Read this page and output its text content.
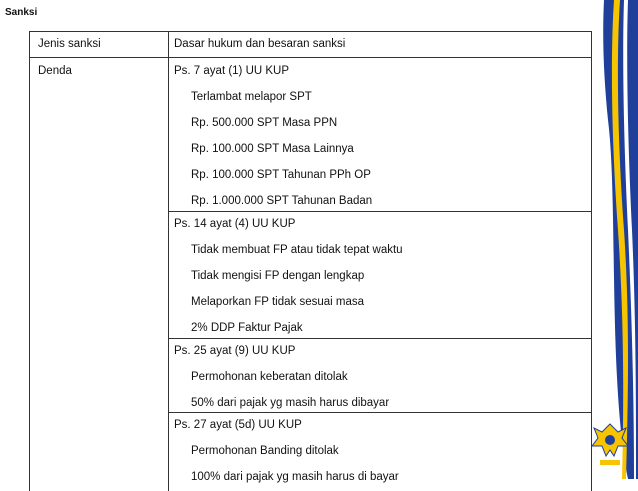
Sanksi
Jenis sanksi	Dasar hukum dan besaran sanksi
Denda	Ps. 7 ayat (1) UU KUP
Terlambat melapor SPT
Rp. 500.000 SPT Masa PPN
Rp. 100.000 SPT Masa Lainnya
Rp. 100.000 SPT Tahunan PPh OP
Rp. 1.000.000 SPT Tahunan Badan
Ps. 14 ayat (4) UU KUP
Tidak membuat FP atau tidak tepat waktu
Tidak mengisi FP dengan lengkap
Melaporkan FP tidak sesuai masa
2% DDP Faktur Pajak
Ps. 25 ayat (9) UU KUP
Permohonan keberatan ditolak
50% dari pajak yg masih harus dibayar
Ps. 27 ayat (5d) UU KUP
Permohonan Banding ditolak
100% dari pajak yg masih harus di bayar
